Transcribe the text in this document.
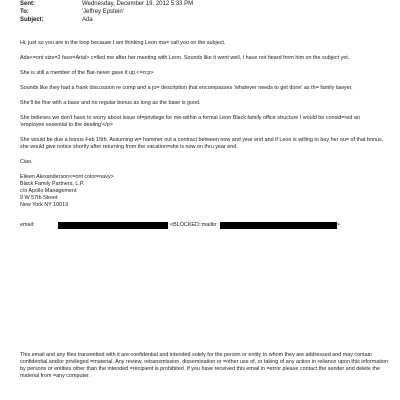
Sent:	Wednesday, December 19, 2012 5:33 PM
To:	'Jeffrey Epstein'
Subject:	Ada

Hi, just so you are in the loop because I am thinking Leon ma= call you on the subject.

Ada<=ont size=2 face=Arial> c=lled me after her meeting with Leon. Sounds like it went well, I have not heard from him on the subject yet.

She is still a member of the Bar-never gave it up.<=o:p>

Sounds like they had a frank discussion re comp and a jo= description that encompasses 'whatever needs to get done' as th= family lawyer.

She'll be fine with a base and no regular bonus as long as the base is good.

She believes we don't have to worry about issue of=privilege for me-within a formal Leon Black family office structure I would be consid=red an 'employee essential to the dealing'</p>

She would be due a bonus Feb 15th. Assuming w= hammer out a contract between now and year end and if Leon is willing to buy her ou= of that bonus, she would give notice shortly after returning from the vacation=she is now on thru year end.

Ciao.

Eileen Alexanderson<=ont color=navy>
Black Family Partners, L.P.
c/o Apollo Management
9 W 57th Street
New York NY 10019
email:	<BLOCKED::mailto:	>

This email and any files transmitted with it are confidential and intended solely for the person or entity to whom they are addressed and may contain confidential and/or privileged =material. Any review, retransmission, dissemination or =other use of, or taking of any action in reliance upon this information by persons or entities other than the intended =recipient is prohibited. If you have received this email in =error please contact the sender and delete the material from =any computer.
